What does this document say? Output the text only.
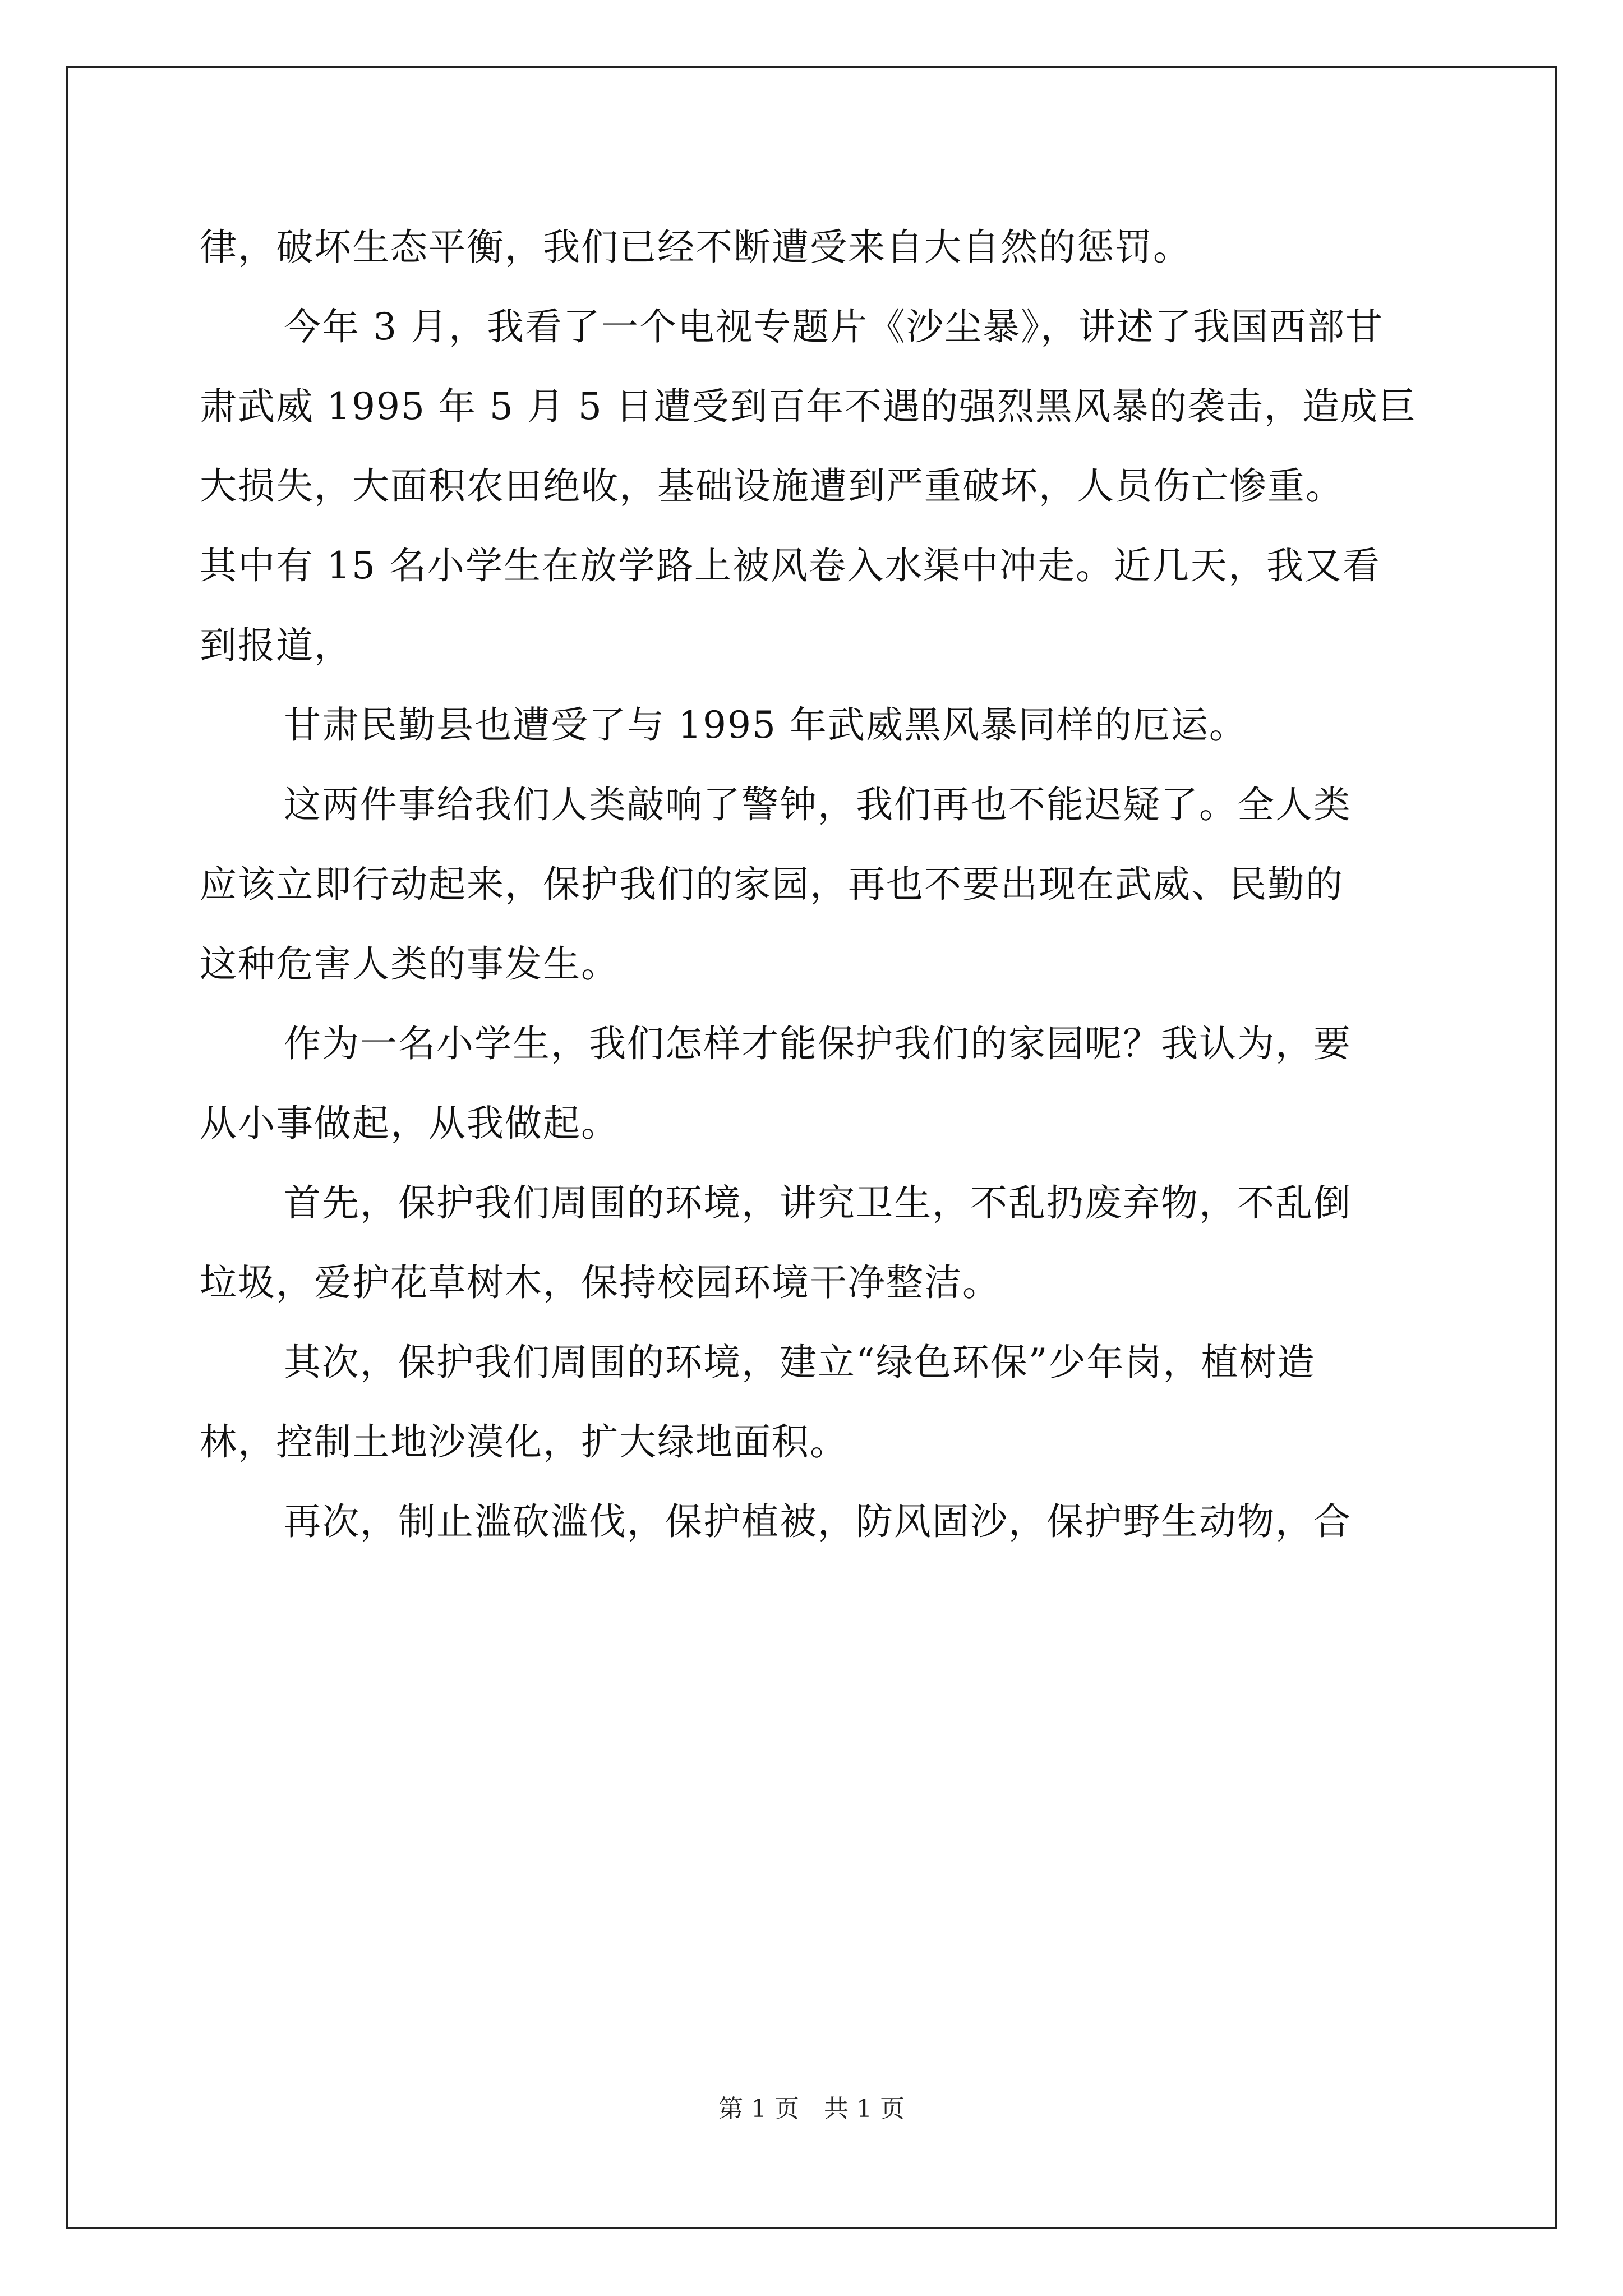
律，破坏生态平衡，我们已经不断遭受来自大自然的惩罚。
今年 3 月，我看了一个电视专题片《沙尘暴》，讲述了我国西部甘
肃武威 1995 年 5 月 5 日遭受到百年不遇的强烈黑风暴的袭击，造成巨
大损失，大面积农田绝收，基础设施遭到严重破坏，人员伤亡惨重。
其中有 15 名小学生在放学路上被风卷入水渠中冲走。近几天，我又看
到报道，
甘肃民勤县也遭受了与 1995 年武威黑风暴同样的厄运。
这两件事给我们人类敲响了警钟，我们再也不能迟疑了。全人类
应该立即行动起来，保护我们的家园，再也不要出现在武威、民勤的
这种危害人类的事发生。
作为一名小学生，我们怎样才能保护我们的家园呢？我认为，要
从小事做起，从我做起。
首先，保护我们周围的环境，讲究卫生，不乱扔废弃物，不乱倒
垃圾，爱护花草树木，保持校园环境干净整洁。
其次，保护我们周围的环境，建立“绿色环保”少年岗，植树造
林，控制土地沙漠化，扩大绿地面积。
再次，制止滥砍滥伐，保护植被，防风固沙，保护野生动物，合
第 1 页　共 1 页
